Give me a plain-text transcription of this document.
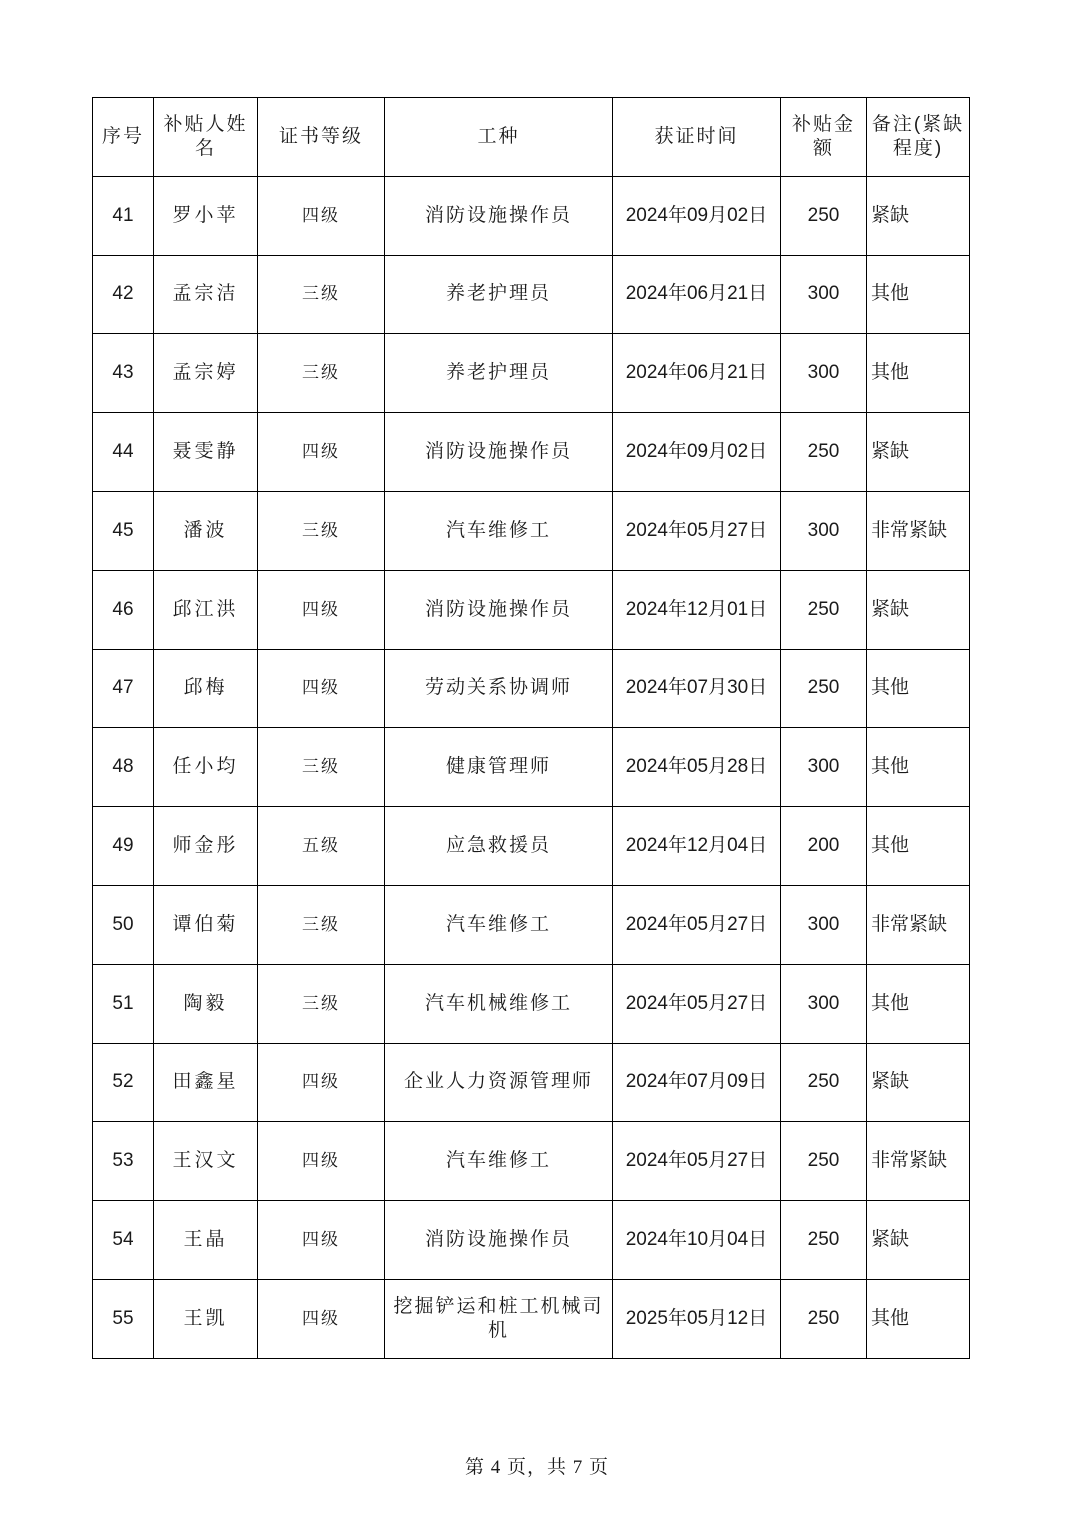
序号	补贴人姓名	证书等级	工种	获证时间	补贴金额	备注(紧缺程度)
41	罗小苹	四级	消防设施操作员	2024年09月02日	250	紧缺
42	孟宗洁	三级	养老护理员	2024年06月21日	300	其他
43	孟宗婷	三级	养老护理员	2024年06月21日	300	其他
44	聂雯静	四级	消防设施操作员	2024年09月02日	250	紧缺
45	潘波	三级	汽车维修工	2024年05月27日	300	非常紧缺
46	邱江洪	四级	消防设施操作员	2024年12月01日	250	紧缺
47	邱梅	四级	劳动关系协调师	2024年07月30日	250	其他
48	任小均	三级	健康管理师	2024年05月28日	300	其他
49	师金彤	五级	应急救援员	2024年12月04日	200	其他
50	谭伯菊	三级	汽车维修工	2024年05月27日	300	非常紧缺
51	陶毅	三级	汽车机械维修工	2024年05月27日	300	其他
52	田鑫星	四级	企业人力资源管理师	2024年07月09日	250	紧缺
53	王汉文	四级	汽车维修工	2024年05月27日	250	非常紧缺
54	王晶	四级	消防设施操作员	2024年10月04日	250	紧缺
55	王凯	四级	挖掘铲运和桩工机械司机	2025年05月12日	250	其他
第 4 页，共 7 页
